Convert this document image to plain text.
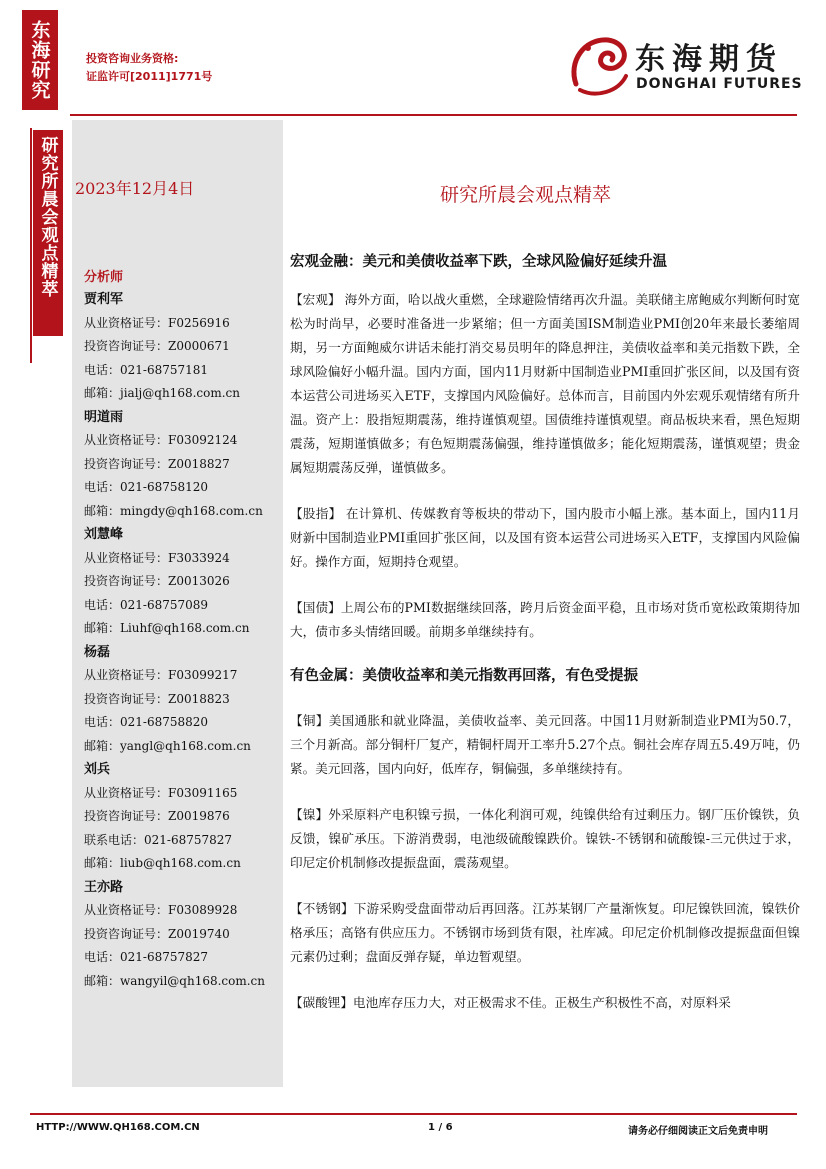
东海研究	投资咨询业务资格:
证监许可[2011]1771号	东海期货
DONGHAI FUTURES
研究所晨会观点精萃	2023年12月4日	研究所晨会观点精萃
分析师
贾利军
从业资格证号：F0256916
投资咨询证号：Z0000671
电话：021-68757181
邮箱：jialj@qh168.com.cn
明道雨
从业资格证号：F03092124
投资咨询证号：Z0018827
电话：021-68758120
邮箱：mingdy@qh168.com.cn
刘慧峰
从业资格证号：F3033924
投资咨询证号：Z0013026
电话：021-68757089
邮箱：Liuhf@qh168.com.cn
杨磊
从业资格证号：F03099217
投资咨询证号：Z0018823
电话：021-68758820
邮箱：yangl@qh168.com.cn
刘兵
从业资格证号：F03091165
投资咨询证号：Z0019876
联系电话：021-68757827
邮箱：liub@qh168.com.cn
王亦路
从业资格证号：F03089928
投资咨询证号：Z0019740
电话：021-68757827
邮箱：wangyil@qh168.com.cn
宏观金融：美元和美债收益率下跌，全球风险偏好延续升温

【宏观】 海外方面，哈以战火重燃，全球避险情绪再次升温。美联储主席鲍威尔判断何时宽松为时尚早，必要时准备进一步紧缩；但一方面美国ISM制造业PMI创20年来最长萎缩周期，另一方面鲍威尔讲话未能打消交易员明年的降息押注，美债收益率和美元指数下跌，全球风险偏好小幅升温。国内方面，国内11月财新中国制造业PMI重回扩张区间，以及国有资本运营公司进场买入ETF，支撑国内风险偏好。总体而言，目前国内外宏观乐观情绪有所升温。资产上：股指短期震荡，维持谨慎观望。国债维持谨慎观望。商品板块来看，黑色短期震荡，短期谨慎做多；有色短期震荡偏强，维持谨慎做多；能化短期震荡，谨慎观望；贵金属短期震荡反弹，谨慎做多。

【股指】 在计算机、传媒教育等板块的带动下，国内股市小幅上涨。基本面上，国内11月财新中国制造业PMI重回扩张区间，以及国有资本运营公司进场买入ETF，支撑国内风险偏好。操作方面，短期持仓观望。

【国债】上周公布的PMI数据继续回落，跨月后资金面平稳，且市场对货币宽松政策期待加大，债市多头情绪回暖。前期多单继续持有。

有色金属：美债收益率和美元指数再回落，有色受提振

【铜】美国通胀和就业降温，美债收益率、美元回落。中国11月财新制造业PMI为50.7，三个月新高。部分铜杆厂复产，精铜杆周开工率升5.27个点。铜社会库存周五5.49万吨，仍紧。美元回落，国内向好，低库存，铜偏强，多单继续持有。

【镍】外采原料产电积镍亏损，一体化利润可观，纯镍供给有过剩压力。钢厂压价镍铁，负反馈，镍矿承压。下游消费弱，电池级硫酸镍跌价。镍铁-不锈钢和硫酸镍-三元供过于求，印尼定价机制修改提振盘面，震荡观望。

【不锈钢】下游采购受盘面带动后再回落。江苏某钢厂产量渐恢复。印尼镍铁回流，镍铁价格承压；高铬有供应压力。不锈钢市场到货有限，社库减。印尼定价机制修改提振盘面但镍元素仍过剩；盘面反弹存疑，单边暂观望。

【碳酸锂】电池库存压力大，对正极需求不佳。正极生产积极性不高，对原料采

HTTP://WWW.QH168.COM.CN	1 / 6	请务必仔细阅读正文后免责申明
